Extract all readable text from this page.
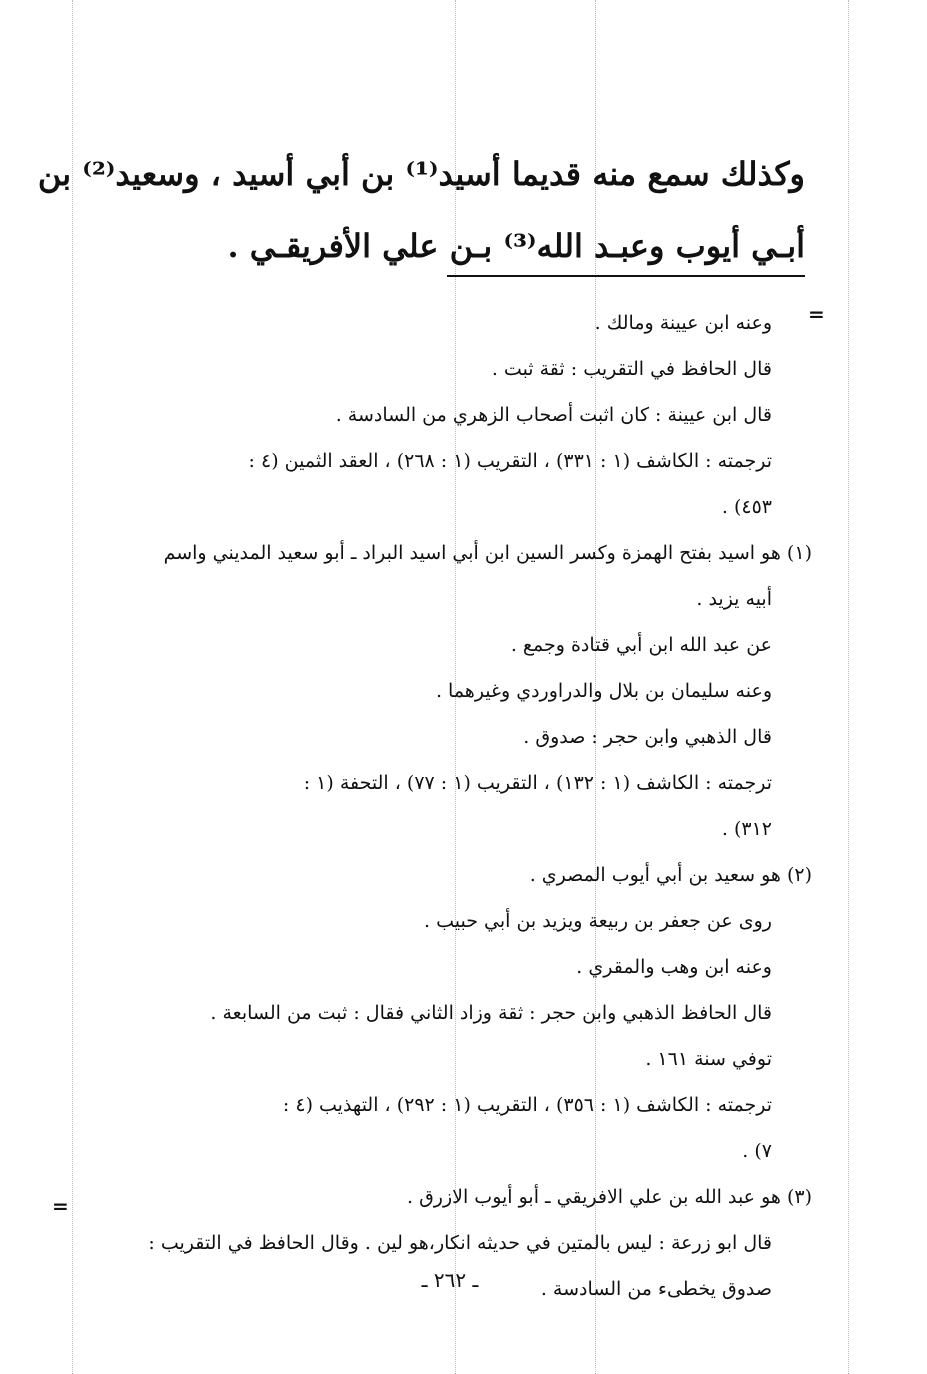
وكذلك سمع منه قديما أسيد⁽¹⁾ بن أبي أسيد ، وسعيد⁽²⁾ بن
أبـي أيوب وعبـد الله⁽³⁾ بـن علي الأفريقـي .
=
وعنه ابن عيينة ومالك .
قال الحافظ في التقريب : ثقة ثبت .
قال ابن عيينة : كان اثبت أصحاب الزهري من السادسة .
ترجمته : الكاشف (١ : ٣٣١) ، التقريب (١ : ٢٦٨) ، العقد الثمين (٤ :
٤٥٣) .
(١) هو اسيد بفتح الهمزة وكسر السين ابن أبي اسيد البراد ـ أبو سعيد المديني واسم
أبيه يزيد .
عن عبد الله ابن أبي قتادة وجمع .
وعنه سليمان بن بلال والدراوردي وغيرهما .
قال الذهبي وابن حجر : صدوق .
ترجمته : الكاشف (١ : ١٣٢) ، التقريب (١ : ٧٧) ، التحفة (١ :
٣١٢) .
(٢) هو سعيد بن أبي أيوب المصري .
روى عن جعفر بن ربيعة ويزيد بن أبي حبيب .
وعنه ابن وهب والمقري .
قال الحافظ الذهبي وابن حجر : ثقة وزاد الثاني فقال : ثبت من السابعة .
توفي سنة ١٦١ .
ترجمته : الكاشف (١ : ٣٥٦) ، التقريب (١ : ٢٩٢) ، التهذيب (٤ :
٧) .
(٣) هو عبد الله بن علي الافريقي ـ أبو أيوب الازرق .
قال ابو زرعة : ليس بالمتين في حديثه انكار،هو لين . وقال الحافظ في التقريب :
صدوق يخطىء من السادسة .
=
ـ ٢٦٢ ـ
